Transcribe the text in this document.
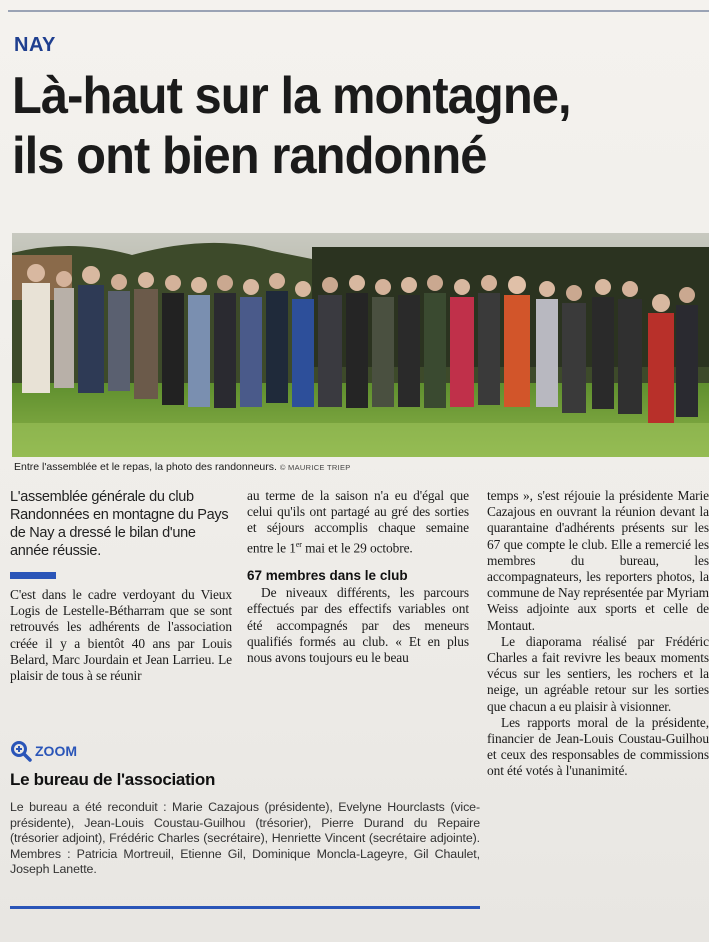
NAY
Là-haut sur la montagne,
ils ont bien randonné
Entre l'assemblée et le repas, la photo des randonneurs. © MAURICE TRIEP
L'assemblée générale du club Randonnées en montagne du Pays de Nay a dressé le bilan d'une année réussie.
C'est dans le cadre verdoyant du Vieux Logis de Lestelle-Bétharram que se sont retrouvés les adhérents de l'association créée il y a bientôt 40 ans par Louis Belard, Marc Jourdain et Jean Larrieu. Le plaisir de tous à se réunir
au terme de la saison n'a eu d'égal que celui qu'ils ont partagé au gré des sorties et séjours accomplis chaque semaine entre le 1er mai et le 29 octobre.
67 membres dans le club
De niveaux différents, les parcours effectués par des effectifs variables ont été accompagnés par des meneurs qualifiés formés au club. « Et en plus nous avons toujours eu le beau
temps », s'est réjouie la présidente Marie Cazajous en ouvrant la réunion devant la quarantaine d'adhérents présents sur les 67 que compte le club. Elle a remercié les membres du bureau, les accompagnateurs, les reporters photos, la commune de Nay représentée par Myriam Weiss adjointe aux sports et celle de Montaut.
Le diaporama réalisé par Frédéric Charles a fait revivre les beaux moments vécus sur les sentiers, les rochers et la neige, un agréable retour sur les sorties que chacun a eu plaisir à visionner.
Les rapports moral de la présidente, financier de Jean-Louis Coustau-Guilhou et ceux des responsables de commissions ont été votés à l'unanimité.
ZOOM
Le bureau de l'association
Le bureau a été reconduit : Marie Cazajous (présidente), Evelyne Hourclasts (vice-présidente), Jean-Louis Coustau-Guilhou (trésorier), Pierre Durand du Repaire (trésorier adjoint), Frédéric Charles (secrétaire), Henriette Vincent (secrétaire adjointe). Membres : Patricia Mortreuil, Etienne Gil, Dominique Moncla-Lageyre, Gil Chaulet, Joseph Lanette.
